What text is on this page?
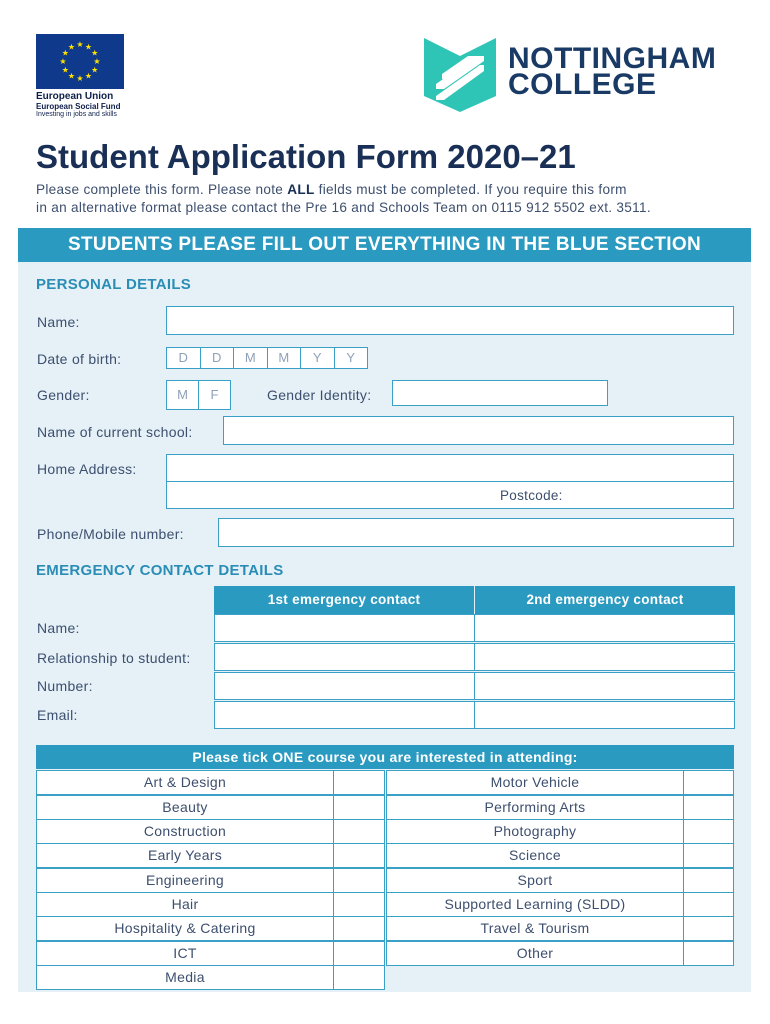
★ ★
★
★
★
★
★
★
★
★
★
★
European Union
European Social Fund
Investing in jobs and skills
NOTTINGHAM
COLLEGE
Student Application Form 2020–21
Please complete this form. Please note ALL fields must be completed. If you require this form
in an alternative format please contact the Pre 16 and Schools Team on 0115 912 5502 ext. 3511.
STUDENTS PLEASE FILL OUT EVERYTHING IN THE BLUE SECTION
PERSONAL DETAILS
Name:
Date of birth:	D	D	M	M	Y	Y
Gender:	M	F	Gender Identity:
Name of current school:
Home Address:
Postcode:
Phone/Mobile number:
EMERGENCY CONTACT DETAILS
1st emergency contact	2nd emergency contact
Name:
Relationship to student:
Number:
Email:
Please tick ONE course you are interested in attending:
Art & Design	Motor Vehicle
Beauty	Performing Arts
Construction	Photography
Early Years	Science
Engineering	Sport
Hair	Supported Learning (SLDD)
Hospitality & Catering	Travel & Tourism
ICT	Other
Media
